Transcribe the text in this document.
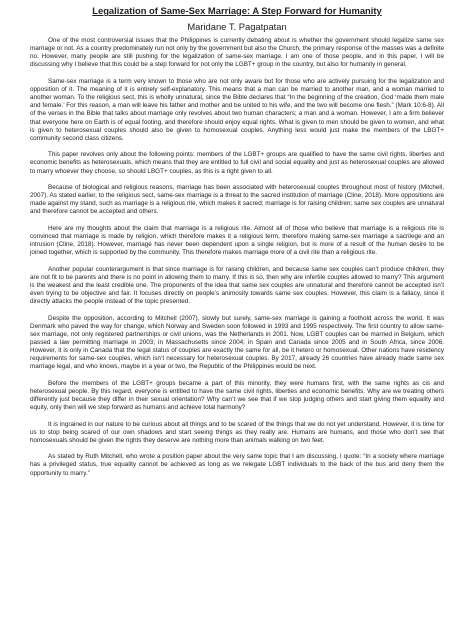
Legalization of Same-Sex Marriage: A Step Forward for Humanity
Maridane T. Pagatpatan

One of the most controversial issues that the Philippines is currently debating about is whether the government should legalize same sex marriage or not. As a country predominately run not only by the government but also the Church, the primary response of the masses was a definite no. However, many people are still pushing for the legalization of same-sex marriage. I am one of those people, and in this paper, I will be discussing why I believe that this could be a step forward for not only the LGBT+ group in the country, but also for humanity in general.

Same-sex marriage is a term very known to those who are not only aware but for those who are actively pursuing for the legalization and opposition of it. The meaning of it is entirely self-explanatory. This means that a man can be married to another man, and a woman married to another woman. To the religious sect, this is wholly unnatural, since the Bible declares that “In the beginning of the creation, God ‘made them male and female.’ For this reason, a man will leave his father and mother and be united to his wife, and the two will become one flesh.” (Mark 10:6-8). All of the verses in the Bible that talks about marriage only revolves about two human characters; a man and a woman. However, I am a firm believer that everyone here on Earth is of equal footing, and therefore should enjoy equal rights. What is given to men should be given to women, and what is given to heterosexual couples should also be given to homosexual couples. Anything less would just make the members of the LBGT+ community second class citizens.

This paper revolves only about the following points: members of the LGBT+ groups are qualified to have the same civil rights, liberties and economic benefits as heterosexuals, which means that they are entitled to full civil and social equality and just as heterosexual couples are allowed to marry whoever they choose, so should LBGT+ couples, as this is a right given to all.

Because of biological and religious reasons, marriage has been associated with heterosexual couples throughout most of history (Mitchell, 2007). As stated earlier, to the religious sect, same-sex marriage is a threat to the sacred institution of marriage (Cline, 2018). More oppositions are made against my stand, such as marriage is a religious rite, which makes it sacred; marriage is for raising children; same sex couples are unnatural and therefore cannot be accepted and others.

Here are my thoughts about the claim that marriage is a religious rite. Almost all of those who believe that marriage is a religious rite is convinced that marriage is made by religion, which therefore makes it a religious term, therefore making same-sex marriage a sacrilege and an intrusion (Cline, 2018). However, marriage has never been dependent upon a single religion, but is more of a result of the human desire to be joined together, which is supported by the community. This therefore makes marriage more of a civil rite than a religious rite.

Another popular counterargument is that since marriage is for raising children, and because same sex couples can’t produce children, they are not fit to be parents and there is no point in allowing them to marry. If this is so, then why are infertile couples allowed to marry? This argument is the weakest and the least credible one. The proponents of the idea that same sex couples are unnatural and therefore cannot be accepted isn’t even trying to be objective and fair. It focuses directly on people’s animosity towards same sex couples. However, this claim is a fallacy, since it directly attacks the people instead of the topic presented.

Despite the opposition, according to Mitchell (2007), slowly but surely, same-sex marriage is gaining a foothold across the world. It was Denmark who paved the way for change, which Norway and Sweden soon followed in 1993 and 1995 respectively. The first country to allow same-sex marriage, not only registered partnerships or civil unions, was the Netherlands in 2001. Now, LGBT couples can be married in Belgium, which passed a law permitting marriage in 2003; in Massachusetts since 2004; in Spain and Canada since 2005 and in South Africa, since 2006. However, it is only in Canada that the legal status of couples are exactly the same for all, be it hetero or homosexual. Other nations have residency requirements for same-sex couples, which isn’t necessary for heterosexual couples. By 2017, already 26 countries have already made same sex marriage legal, and who knows, maybe in a year or two, the Republic of the Philippines would be next.

Before the members of the LGBT+ groups became a part of this minority, they were humans first, with the same rights as cis and heterosexual people. By this regard, everyone is entitled to have the same civil rights, liberties and economic benefits. Why are we treating others differently just because they differ in their sexual orientation? Why can’t we see that if we stop judging others and start giving them equality and equity, only then will we step forward as humans and achieve total harmony?

It is ingrained in our nature to be curious about all things and to be scared of the things that we do not yet understand. However, it is time for us to stop being scared of our own shadows and start seeing things as they really are. Humans are humans, and those who don’t see that homosexuals should be given the rights they deserve are nothing more than animals walking on two feet.

As stated by Ruth Mitchell, who wrote a position paper about the very same topic that I am discussing, I quote: “In a society where marriage has a privileged status, true equality cannot be achieved as long as we relegate LGBT individuals to the back of the bus and deny them the opportunity to marry.”
